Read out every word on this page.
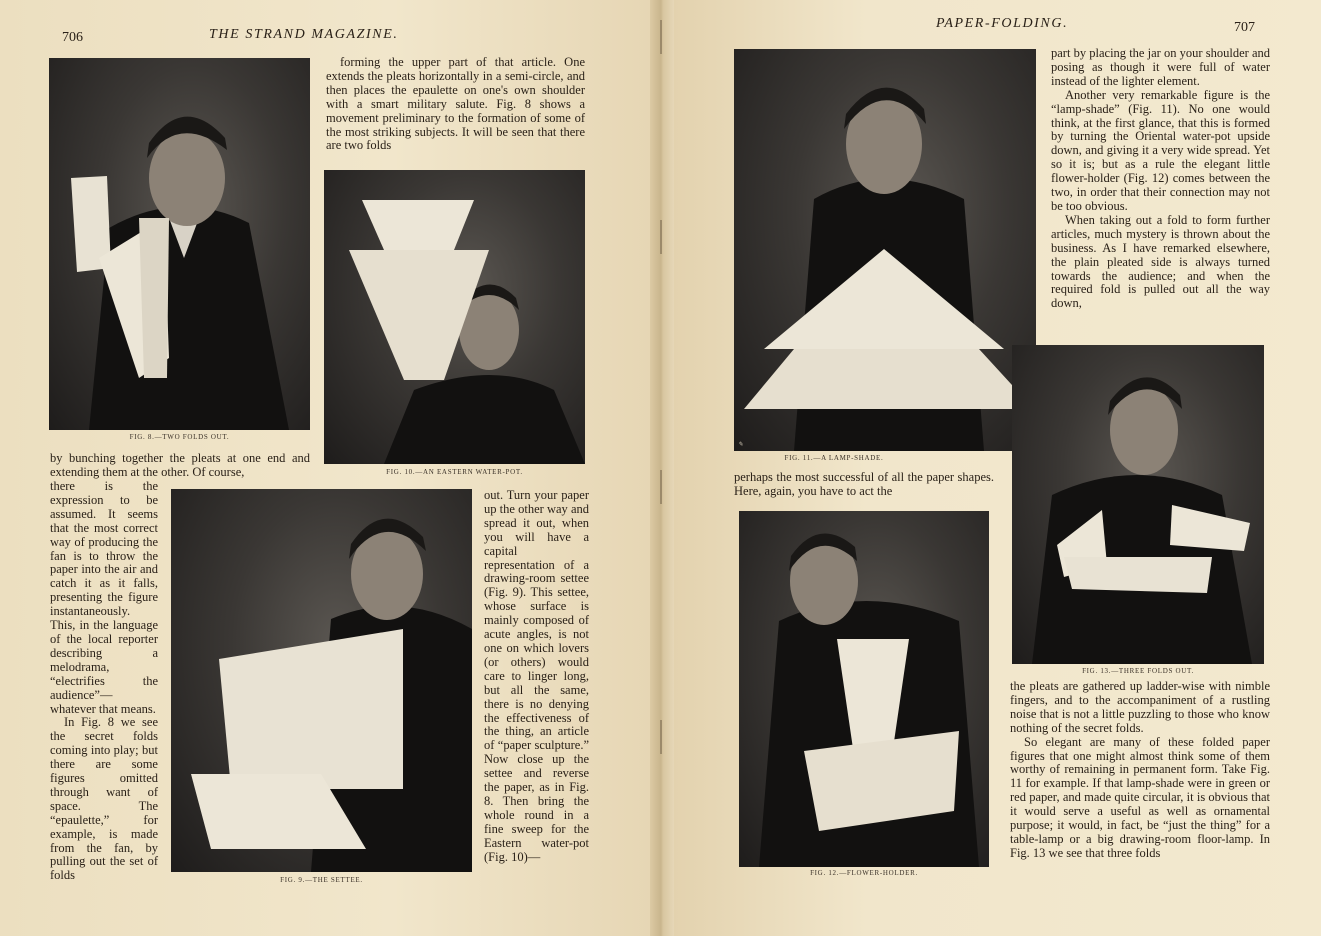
706	THE STRAND MAGAZINE.
FIG. 8.—TWO FOLDS OUT.

forming the upper part of that article. One extends the pleats horizontally in a semi-circle, and then places the epaulette on one's own shoulder with a smart military salute. Fig. 8 shows a movement preliminary to the formation of some of the most striking subjects. It will be seen that there are two folds

FIG. 10.—AN EASTERN WATER-POT.

by bunching together the pleats at one end and extending them at the other. Of course,

there is the expression to be assumed. It seems that the most correct way of producing the fan is to throw the paper into the air and catch it as it falls, presenting the figure instantaneously. This, in the language of the local reporter describing a melodrama, “electrifies the audience”—whatever that means.

In Fig. 8 we see the secret folds coming into play; but there are some figures omitted through want of space. The “epaulette,” for example, is made from the fan, by pulling out the set of folds	FIG. 9.—THE SETTEE.

out. Turn your paper up the other way and spread it out, when you will have a capital representation of a drawing-room settee (Fig. 9). This settee, whose surface is mainly composed of acute angles, is not one on which lovers (or others) would care to linger long, but all the same, there is no denying the effectiveness of the thing, an article of “paper sculpture.” Now close up the settee and reverse the paper, as in Fig. 8. Then bring the whole round in a fine sweep for the Eastern water-pot (Fig. 10)—

PAPER-FOLDING.	707
✎
FIG. 11.—A LAMP-SHADE.

part by placing the jar on your shoulder and posing as though it were full of water instead of the lighter element.

Another very remarkable figure is the “lamp-shade” (Fig. 11). No one would think, at the first glance, that this is formed by turning the Oriental water-pot upside down, and giving it a very wide spread. Yet so it is; but as a rule the elegant little flower-holder (Fig. 12) comes between the two, in order that their connection may not be too obvious.

When taking out a fold to form further articles, much mystery is thrown about the business. As I have remarked elsewhere, the plain pleated side is always turned towards the audience; and when the required fold is pulled out all the way down,

FIG. 13.—THREE FOLDS OUT.

perhaps the most successful of all the paper shapes. Here, again, you have to act the

FIG. 12.—FLOWER-HOLDER.

the pleats are gathered up ladder-wise with nimble fingers, and to the accompaniment of a rustling noise that is not a little puzzling to those who know nothing of the secret folds.

So elegant are many of these folded paper figures that one might almost think some of them worthy of remaining in permanent form. Take Fig. 11 for example. If that lamp-shade were in green or red paper, and made quite circular, it is obvious that it would serve a useful as well as ornamental purpose; it would, in fact, be “just the thing” for a table-lamp or a big drawing-room floor-lamp. In Fig. 13 we see that three folds
